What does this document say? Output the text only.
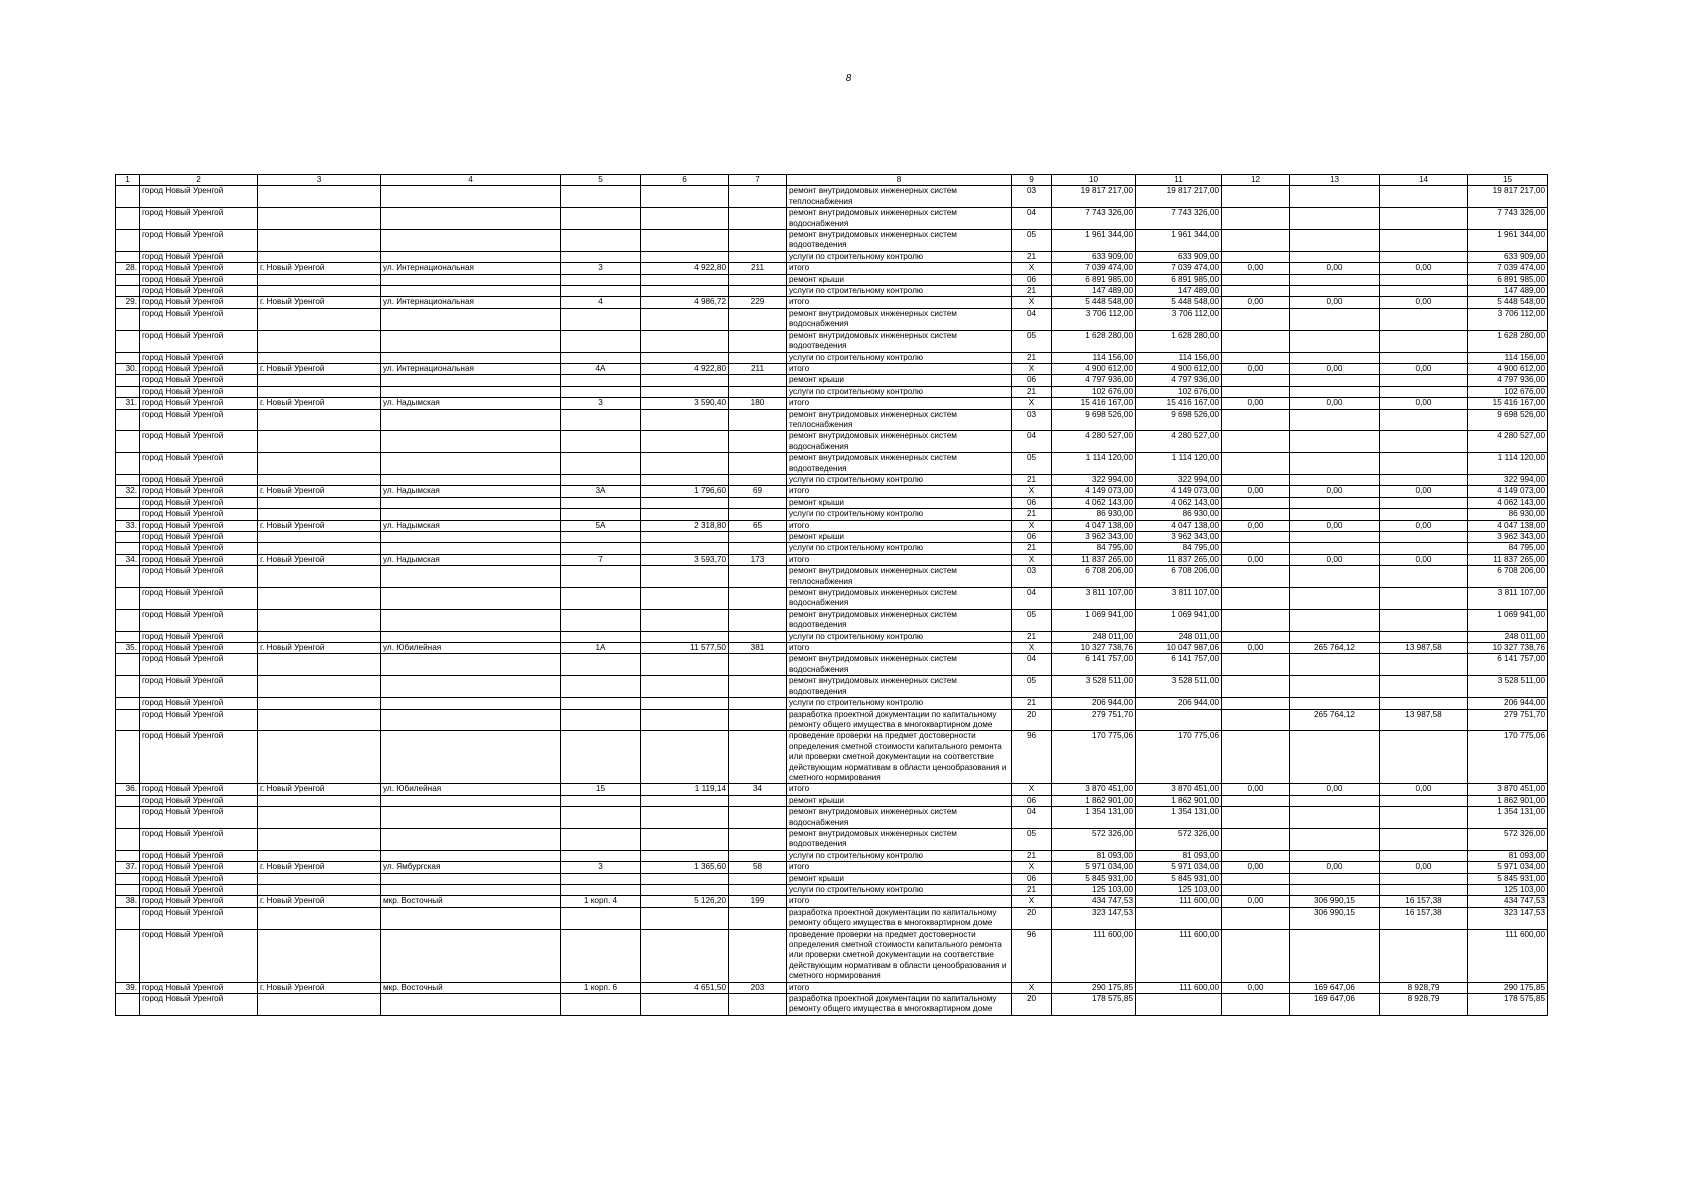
8
1	2	3	4	5	6	7	8	9	10	11	12	13	14	15
	город Новый Уренгой						ремонт внутридомовых инженерных систем теплоснабжения	03	19 817 217,00	19 817 217,00				19 817 217,00
	город Новый Уренгой						ремонт внутридомовых инженерных систем водоснабжения	04	7 743 326,00	7 743 326,00				7 743 326,00
	город Новый Уренгой						ремонт внутридомовых инженерных систем водоотведения	05	1 961 344,00	1 961 344,00				1 961 344,00
	город Новый Уренгой						услуги по строительному контролю	21	633 909,00	633 909,00				633 909,00
28.	город Новый Уренгой	г. Новый Уренгой	ул. Интернациональная	3	4 922,80	211	итого	X	7 039 474,00	7 039 474,00	0,00	0,00	0,00	7 039 474,00
	город Новый Уренгой						ремонт крыши	06	6 891 985,00	6 891 985,00				6 891 985,00
	город Новый Уренгой						услуги по строительному контролю	21	147 489,00	147 489,00				147 489,00
29.	город Новый Уренгой	г. Новый Уренгой	ул. Интернациональная	4	4 986,72	229	итого	X	5 448 548,00	5 448 548,00	0,00	0,00	0,00	5 448 548,00
	город Новый Уренгой						ремонт внутридомовых инженерных систем водоснабжения	04	3 706 112,00	3 706 112,00				3 706 112,00
	город Новый Уренгой						ремонт внутридомовых инженерных систем водоотведения	05	1 628 280,00	1 628 280,00				1 628 280,00
	город Новый Уренгой						услуги по строительному контролю	21	114 156,00	114 156,00				114 156,00
30.	город Новый Уренгой	г. Новый Уренгой	ул. Интернациональная	4А	4 922,80	211	итого	X	4 900 612,00	4 900 612,00	0,00	0,00	0,00	4 900 612,00
	город Новый Уренгой						ремонт крыши	06	4 797 936,00	4 797 936,00				4 797 936,00
	город Новый Уренгой						услуги по строительному контролю	21	102 676,00	102 676,00				102 676,00
31.	город Новый Уренгой	г. Новый Уренгой	ул. Надымская	3	3 590,40	180	итого	X	15 416 167,00	15 416 167,00	0,00	0,00	0,00	15 416 167,00
	город Новый Уренгой						ремонт внутридомовых инженерных систем теплоснабжения	03	9 698 526,00	9 698 526,00				9 698 526,00
	город Новый Уренгой						ремонт внутридомовых инженерных систем водоснабжения	04	4 280 527,00	4 280 527,00				4 280 527,00
	город Новый Уренгой						ремонт внутридомовых инженерных систем водоотведения	05	1 114 120,00	1 114 120,00				1 114 120,00
	город Новый Уренгой						услуги по строительному контролю	21	322 994,00	322 994,00				322 994,00
32.	город Новый Уренгой	г. Новый Уренгой	ул. Надымская	3А	1 796,60	69	итого	X	4 149 073,00	4 149 073,00	0,00	0,00	0,00	4 149 073,00
	город Новый Уренгой						ремонт крыши	06	4 062 143,00	4 062 143,00				4 062 143,00
	город Новый Уренгой						услуги по строительному контролю	21	86 930,00	86 930,00				86 930,00
33.	город Новый Уренгой	г. Новый Уренгой	ул. Надымская	5А	2 318,80	65	итого	X	4 047 138,00	4 047 138,00	0,00	0,00	0,00	4 047 138,00
	город Новый Уренгой						ремонт крыши	06	3 962 343,00	3 962 343,00				3 962 343,00
	город Новый Уренгой						услуги по строительному контролю	21	84 795,00	84 795,00				84 795,00
34.	город Новый Уренгой	г. Новый Уренгой	ул. Надымская	7	3 593,70	173	итого	X	11 837 265,00	11 837 265,00	0,00	0,00	0,00	11 837 265,00
	город Новый Уренгой						ремонт внутридомовых инженерных систем теплоснабжения	03	6 708 206,00	6 708 206,00				6 708 206,00
	город Новый Уренгой						ремонт внутридомовых инженерных систем водоснабжения	04	3 811 107,00	3 811 107,00				3 811 107,00
	город Новый Уренгой						ремонт внутридомовых инженерных систем водоотведения	05	1 069 941,00	1 069 941,00				1 069 941,00
	город Новый Уренгой						услуги по строительному контролю	21	248 011,00	248 011,00				248 011,00
35.	город Новый Уренгой	г. Новый Уренгой	ул. Юбилейная	1А	11 577,50	381	итого	X	10 327 738,76	10 047 987,06	0,00	265 764,12	13 987,58	10 327 738,76
	город Новый Уренгой						ремонт внутридомовых инженерных систем водоснабжения	04	6 141 757,00	6 141 757,00				6 141 757,00
	город Новый Уренгой						ремонт внутридомовых инженерных систем водоотведения	05	3 528 511,00	3 528 511,00				3 528 511,00
	город Новый Уренгой						услуги по строительному контролю	21	206 944,00	206 944,00				206 944,00
	город Новый Уренгой						разработка проектной документации по капитальному ремонту общего имущества в многоквартирном доме	20	279 751,70			265 764,12	13 987,58	279 751,70
	город Новый Уренгой						проведение проверки на предмет достоверности определения сметной стоимости капитального ремонта или проверки сметной документации на соответствие действующим нормативам в области ценообразования и сметного нормирования	96	170 775,06	170 775,06				170 775,06
36.	город Новый Уренгой	г. Новый Уренгой	ул. Юбилейная	15	1 119,14	34	итого	X	3 870 451,00	3 870 451,00	0,00	0,00	0,00	3 870 451,00
	город Новый Уренгой						ремонт крыши	06	1 862 901,00	1 862 901,00				1 862 901,00
	город Новый Уренгой						ремонт внутридомовых инженерных систем водоснабжения	04	1 354 131,00	1 354 131,00				1 354 131,00
	город Новый Уренгой						ремонт внутридомовых инженерных систем водоотведения	05	572 326,00	572 326,00				572 326,00
	город Новый Уренгой						услуги по строительному контролю	21	81 093,00	81 093,00				81 093,00
37.	город Новый Уренгой	г. Новый Уренгой	ул. Ямбургская	3	1 365,60	58	итого	X	5 971 034,00	5 971 034,00	0,00	0,00	0,00	5 971 034,00
	город Новый Уренгой						ремонт крыши	06	5 845 931,00	5 845 931,00				5 845 931,00
	город Новый Уренгой						услуги по строительному контролю	21	125 103,00	125 103,00				125 103,00
38.	город Новый Уренгой	г. Новый Уренгой	мкр. Восточный	1 корп. 4	5 126,20	199	итого	X	434 747,53	111 600,00	0,00	306 990,15	16 157,38	434 747,53
	город Новый Уренгой						разработка проектной документации по капитальному ремонту общего имущества в многоквартирном доме	20	323 147,53			306 990,15	16 157,38	323 147,53
	город Новый Уренгой						проведение проверки на предмет достоверности определения сметной стоимости капитального ремонта или проверки сметной документации на соответствие действующим нормативам в области ценообразования и сметного нормирования	96	111 600,00	111 600,00				111 600,00
39.	город Новый Уренгой	г. Новый Уренгой	мкр. Восточный	1 корп. 6	4 651,50	203	итого	X	290 175,85	111 600,00	0,00	169 647,06	8 928,79	290 175,85
	город Новый Уренгой						разработка проектной документации по капитальному ремонту общего имущества в многоквартирном доме	20	178 575,85			169 647,06	8 928,79	178 575,85
